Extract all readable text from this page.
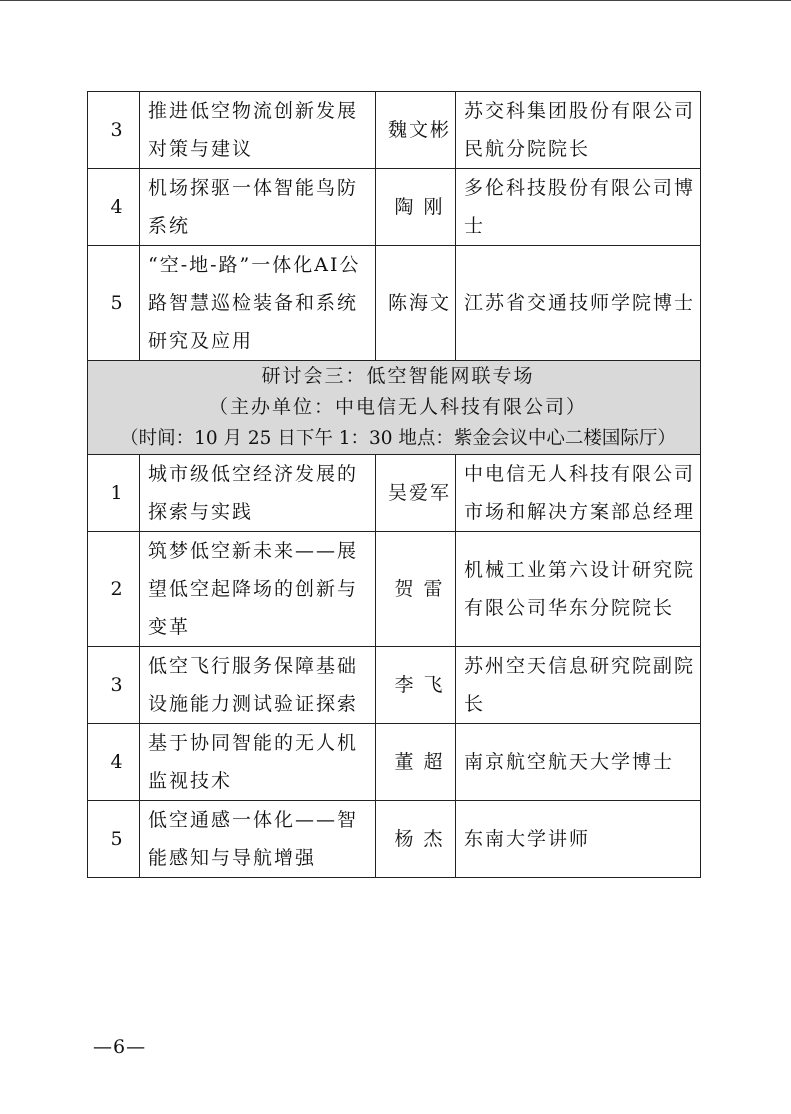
3	推进低空物流创新发展对策与建议	魏文彬	苏交科集团股份有限公司民航分院院长
4	机场探驱一体智能鸟防系统	陶 刚	多伦科技股份有限公司博士
5	“空-地-路”一体化AI公路智慧巡检装备和系统研究及应用	陈海文	江苏省交通技师学院博士

研讨会三：低空智能网联专场
（主办单位：中电信无人科技有限公司）
（时间：10 月 25 日下午 1：30 地点：紫金会议中心二楼国际厅）			

1	城市级低空经济发展的探索与实践	吴爱军	中电信无人科技有限公司市场和解决方案部总经理
2	筑梦低空新未来——展望低空起降场的创新与变革	贺 雷	机械工业第六设计研究院有限公司华东分院院长
3	低空飞行服务保障基础设施能力测试验证探索	李 飞	苏州空天信息研究院副院长
4	基于协同智能的无人机监视技术	董 超	南京航空航天大学博士
5	低空通感一体化——智能感知与导航增强	杨 杰	东南大学讲师
—6—
